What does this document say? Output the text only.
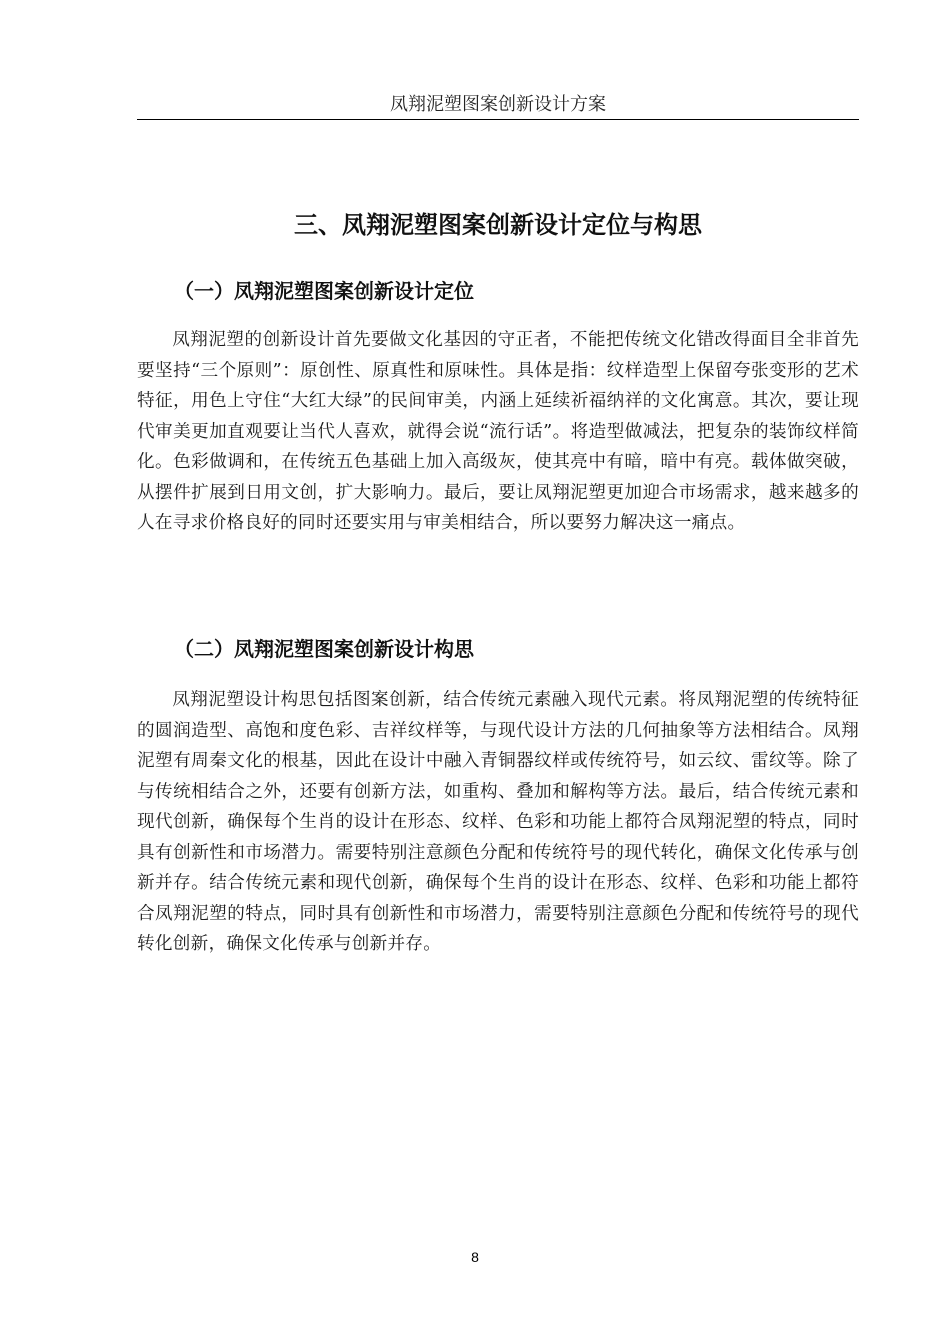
凤翔泥塑图案创新设计方案
三、凤翔泥塑图案创新设计定位与构思
（一）凤翔泥塑图案创新设计定位

凤翔泥塑的创新设计首先要做文化基因的守正者，不能把传统文化错改得面目全非首先要坚持“三个原则”：原创性、原真性和原味性。具体是指：纹样造型上保留夸张变形的艺术特征，用色上守住“大红大绿”的民间审美，内涵上延续祈福纳祥的文化寓意。其次，要让现代审美更加直观要让当代人喜欢，就得会说“流行话”。将造型做减法，把复杂的装饰纹样简化。色彩做调和，在传统五色基础上加入高级灰，使其亮中有暗，暗中有亮。载体做突破，从摆件扩展到日用文创，扩大影响力。最后，要让凤翔泥塑更加迎合市场需求，越来越多的人在寻求价格良好的同时还要实用与审美相结合，所以要努力解决这一痛点。

（二）凤翔泥塑图案创新设计构思

凤翔泥塑设计构思包括图案创新，结合传统元素融入现代元素。将凤翔泥塑的传统特征的圆润造型、高饱和度色彩、吉祥纹样等，与现代设计方法的几何抽象等方法相结合。凤翔泥塑有周秦文化的根基，因此在设计中融入青铜器纹样或传统符号，如云纹、雷纹等。除了与传统相结合之外，还要有创新方法，如重构、叠加和解构等方法。最后，结合传统元素和现代创新，确保每个生肖的设计在形态、纹样、色彩和功能上都符合凤翔泥塑的特点，同时具有创新性和市场潜力。需要特别注意颜色分配和传统符号的现代转化，确保文化传承与创新并存。结合传统元素和现代创新，确保每个生肖的设计在形态、纹样、色彩和功能上都符合凤翔泥塑的特点，同时具有创新性和市场潜力，需要特别注意颜色分配和传统符号的现代转化创新，确保文化传承与创新并存。

8
